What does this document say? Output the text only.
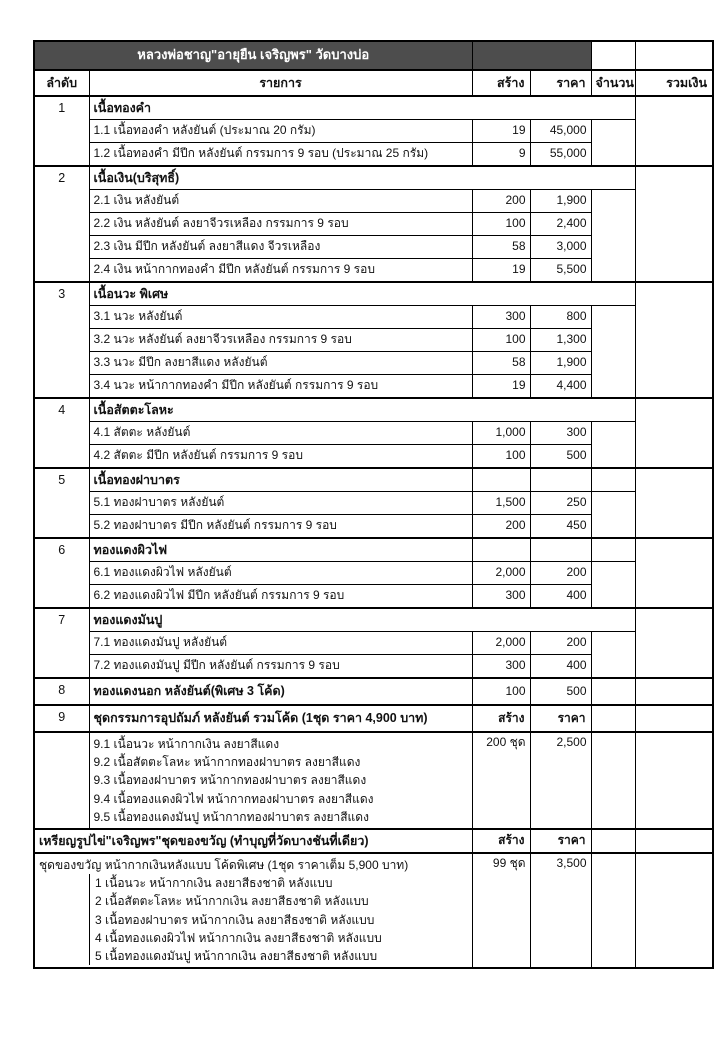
หลวงพ่อชาญ"อายุยืน เจริญพร" วัดบางบ่อ					
ลำดับ	รายการ	สร้าง	ราคา	จำนวน	รวมเงิน
1	เนื้อทองคำ				
	1.1 เนื้อทองคำ หลังยันต์ (ประมาณ 20 กรัม)	19	45,000		
	1.2 เนื้อทองคำ มีปีก หลังยันต์ กรรมการ 9 รอบ (ประมาณ 25 กรัม)	9	55,000		
2	เนื้อเงิน(บริสุทธิ์)				
	2.1 เงิน หลังยันต์	200	1,900		
	2.2 เงิน หลังยันต์ ลงยาจีวรเหลือง กรรมการ 9 รอบ	100	2,400		
	2.3 เงิน มีปีก หลังยันต์ ลงยาสีแดง จีวรเหลือง	58	3,000		
	2.4 เงิน หน้ากากทองคำ มีปีก หลังยันต์ กรรมการ 9 รอบ	19	5,500		
3	เนื้อนวะ พิเศษ				
	3.1 นวะ หลังยันต์	300	800		
	3.2 นวะ หลังยันต์ ลงยาจีวรเหลือง กรรมการ 9 รอบ	100	1,300		
	3.3 นวะ มีปีก ลงยาสีแดง หลังยันต์	58	1,900		
	3.4 นวะ หน้ากากทองคำ มีปีก หลังยันต์ กรรมการ 9 รอบ	19	4,400		
4	เนื้อสัตตะโลหะ				
	4.1 สัตตะ หลังยันต์	1,000	300		
	4.2 สัตตะ มีปีก หลังยันต์ กรรมการ 9 รอบ	100	500		
5	เนื้อทองฝาบาตร				
	5.1 ทองฝาบาตร หลังยันต์	1,500	250		
	5.2 ทองฝาบาตร มีปีก หลังยันต์ กรรมการ 9 รอบ	200	450		
6	ทองแดงผิวไฟ				
	6.1 ทองแดงผิวไฟ หลังยันต์	2,000	200		
	6.2 ทองแดงผิวไฟ มีปีก หลังยันต์ กรรมการ 9 รอบ	300	400		
7	ทองแดงมันปู				
	7.1 ทองแดงมันปู หลังยันต์	2,000	200		
	7.2 ทองแดงมันปู มีปีก หลังยันต์ กรรมการ 9 รอบ	300	400		
8	ทองแดงนอก หลังยันต์(พิเศษ 3 โค้ด)	100	500		
9	ชุดกรรมการอุปถัมภ์ หลังยันต์ รวมโค้ด (1ชุด ราคา 4,900 บาท)	สร้าง	ราคา		

	9.1 เนื้อนวะ หน้ากากเงิน ลงยาสีแดง
9.2 เนื้อสัตตะโลหะ หน้ากากทองฝาบาตร ลงยาสีแดง
9.3 เนื้อทองฝาบาตร หน้ากากทองฝาบาตร ลงยาสีแดง
9.4 เนื้อทองแดงผิวไฟ หน้ากากทองฝาบาตร ลงยาสีแดง
9.5 เนื้อทองแดงมันปู หน้ากากทองฝาบาตร ลงยาสีแดง	200 ชุด	2,500		
เหรียญรูปไข่"เจริญพร"ชุดของขวัญ (ทำบุญที่วัดบางชันที่เดียว)		สร้าง	ราคา		

ชุดของขวัญ หน้ากากเงินหลังแบบ โค้ดพิเศษ (1ชุด ราคาเต็ม 5,900 บาท)
1 เนื้อนวะ หน้ากากเงิน ลงยาสีธงชาติ หลังแบบ
2 เนื้อสัตตะโลหะ หน้ากากเงิน ลงยาสีธงชาติ หลังแบบ
3 เนื้อทองฝาบาตร หน้ากากเงิน ลงยาสีธงชาติ หลังแบบ
4 เนื้อทองแดงผิวไฟ หน้ากากเงิน ลงยาสีธงชาติ หลังแบบ
5 เนื้อทองแดงมันปู หน้ากากเงิน ลงยาสีธงชาติ หลังแบบ
	99 ชุด	3,500		
